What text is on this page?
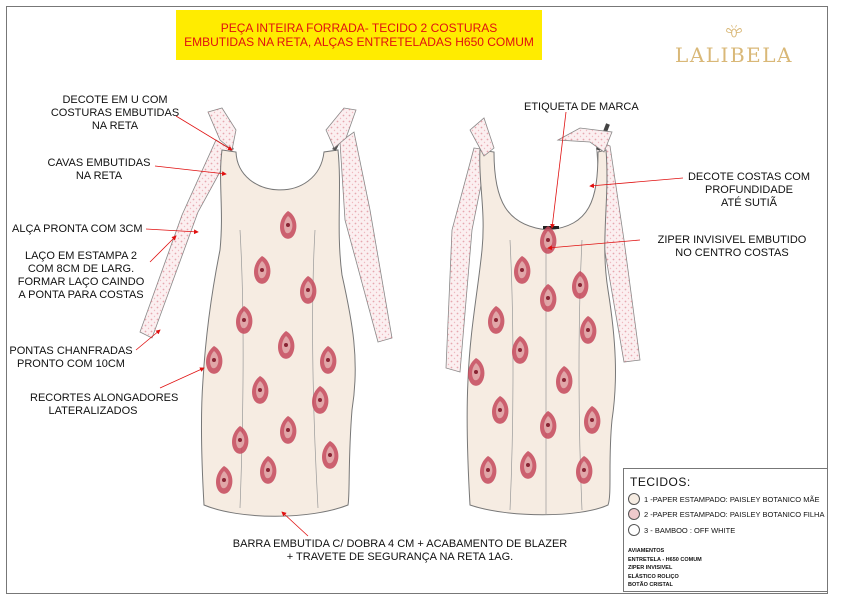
PEÇA INTEIRA FORRADA- TECIDO 2 COSTURAS
EMBUTIDAS NA RETA, ALÇAS ENTRETELADAS H650 COMUM
LALIBELA
DECOTE EM U COM
COSTURAS EMBUTIDAS
NA RETA
CAVAS EMBUTIDAS
NA RETA
ALÇA PRONTA COM 3CM
LAÇO EM ESTAMPA 2
COM 8CM DE LARG.
FORMAR LAÇO CAINDO
A PONTA PARA COSTAS
PONTAS CHANFRADAS
PRONTO COM 10CM
RECORTES ALONGADORES
LATERALIZADOS
ETIQUETA DE MARCA
DECOTE COSTAS COM
PROFUNDIDADE
ATÉ SUTIÃ
ZIPER INVISIVEL EMBUTIDO
NO CENTRO COSTAS
BARRA EMBUTIDA C/ DOBRA 4 CM + ACABAMENTO DE BLAZER
+ TRAVETE DE SEGURANÇA NA RETA 1AG.
TECIDOS:
1 -PAPER ESTAMPADO: PAISLEY BOTANICO MÃE
2 -PAPER ESTAMPADO: PAISLEY BOTANICO FILHA
3 - BAMBOO : OFF WHITE
AVIAMENTOS
ENTRETELA - H650 COMUM
ZIPER INVISIVEL
ELÁSTICO ROLIÇO
BOTÃO CRISTAL
